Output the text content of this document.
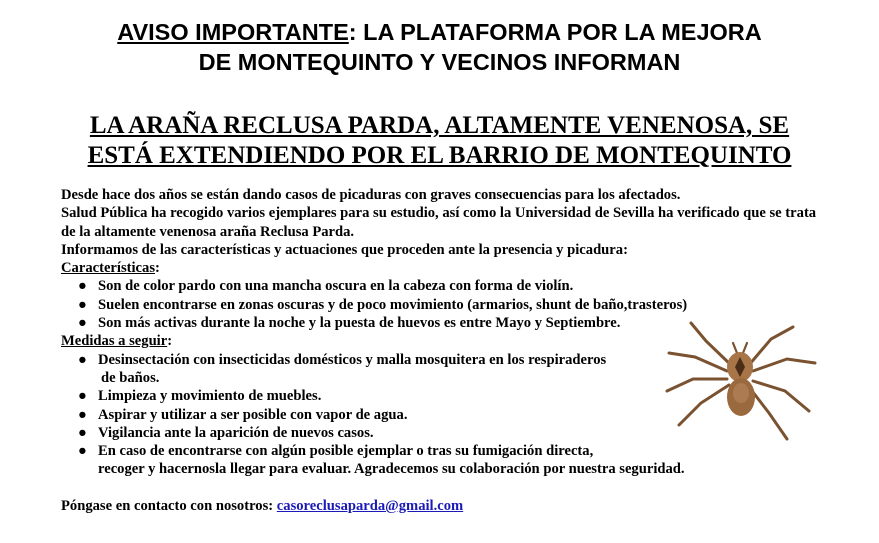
AVISO IMPORTANTE: LA PLATAFORMA POR LA MEJORA
DE MONTEQUINTO Y VECINOS INFORMAN
LA ARAÑA RECLUSA PARDA, ALTAMENTE VENENOSA, SE
ESTÁ EXTENDIENDO POR EL BARRIO DE MONTEQUINTO

Desde hace dos años se están dando casos de picaduras con graves consecuencias para los afectados.

Salud Pública ha recogido varios ejemplares para su estudio, así como la Universidad de Sevilla ha verificado que se trata de la altamente venenosa araña Reclusa Parda.

Informamos de las características y actuaciones que proceden ante la presencia y picadura:

Características:

● Son de color pardo con una mancha oscura en la cabeza con forma de violín.
● Suelen encontrarse en zonas oscuras y de poco movimiento (armarios, shunt de baño,trasteros)
● Son más activas durante la noche y la puesta de huevos es entre Mayo y Septiembre.

Medidas a seguir:

● Desinsectación con insecticidas domésticos y malla mosquitera en los respiraderos
de baños.
● Limpieza y movimiento de muebles.
● Aspirar y utilizar a ser posible con vapor de agua.
● Vigilancia ante la aparición de nuevos casos.
● En caso de encontrarse con algún posible ejemplar o tras su fumigación directa,
recoger y hacernosla llegar para evaluar. Agradecemos su colaboración por nuestra seguridad.

Póngase en contacto con nosotros: casoreclusaparda@gmail.com
